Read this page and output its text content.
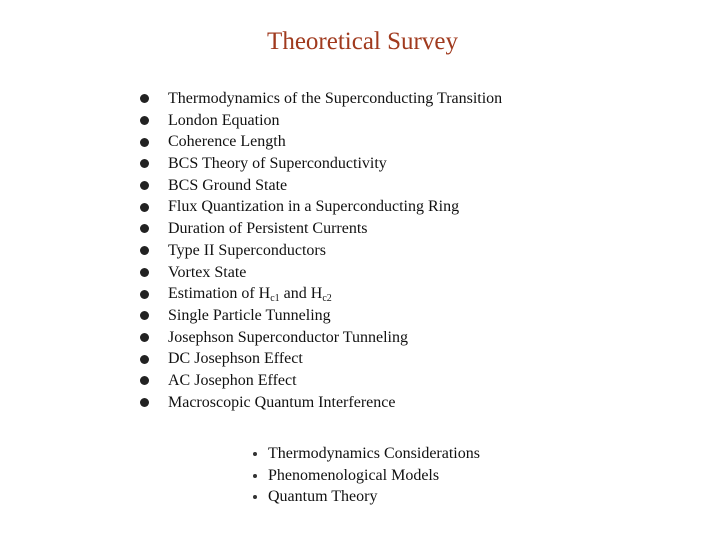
Theoretical Survey
Thermodynamics of the Superconducting Transition
London Equation
Coherence Length
BCS Theory of Superconductivity
BCS Ground State
Flux Quantization in a Superconducting Ring
Duration of Persistent Currents
Type II Superconductors
Vortex State
Estimation of $H_{c1}$ and $H_{c2}$
Single Particle Tunneling
Josephson Superconductor Tunneling
DC Josephson Effect
AC Josephon Effect
Macroscopic Quantum Interference
Thermodynamics Considerations
Phenomenological Models
Quantum Theory
